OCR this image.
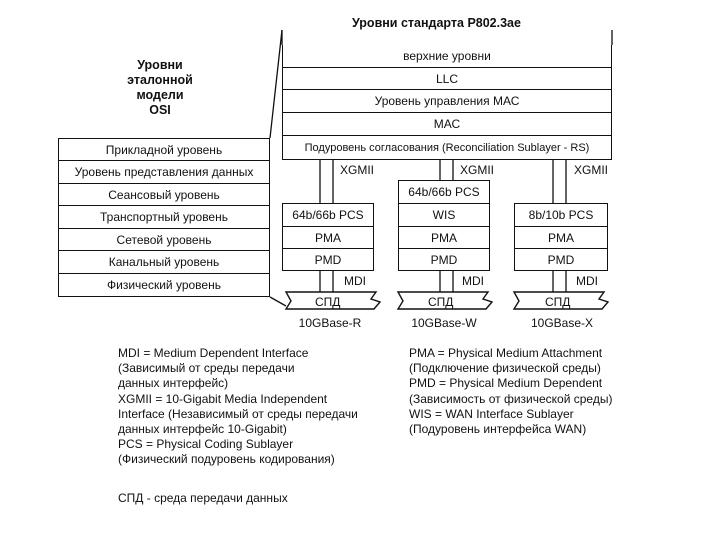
Уровни стандарта Р802.3ае
Уровни
эталонной
модели
OSI
верхние уровни
LLC
Уровень управления МАС
МАС
Подуровень согласования (Reconciliation Sublayer - RS)
Прикладной уровень
Уровень представления данных
Сеансовый уровень
Транспортный уровень
Сетевой уровень
Канальный уровень
Физический уровень
XGMII	XGMII	XGMII
64b/66b PCS
PMA
PMD
MDI
СПД
10GBase-R
64b/66b PCS
WIS
PMA
PMD
MDI
СПД
10GBase-W
8b/10b PCS
PMA
PMD
MDI
СПД
10GBase-X
MDI = Medium Dependent Interface
(Зависимый от среды передачи
данных интерфейс)
XGMII = 10-Gigabit Media Independent
Interface (Независимый от среды передачи
данных интерфейс 10-Gigabit)
PCS = Physical Coding Sublayer
(Физический подуровень кодирования)
PMA = Physical Medium Attachment
(Подключение физической среды)
PMD = Physical Medium Dependent
(Зависимость от физической среды)
WIS = WAN Interface Sublayer
(Подуровень интерфейса WAN)
СПД - среда передачи данных
